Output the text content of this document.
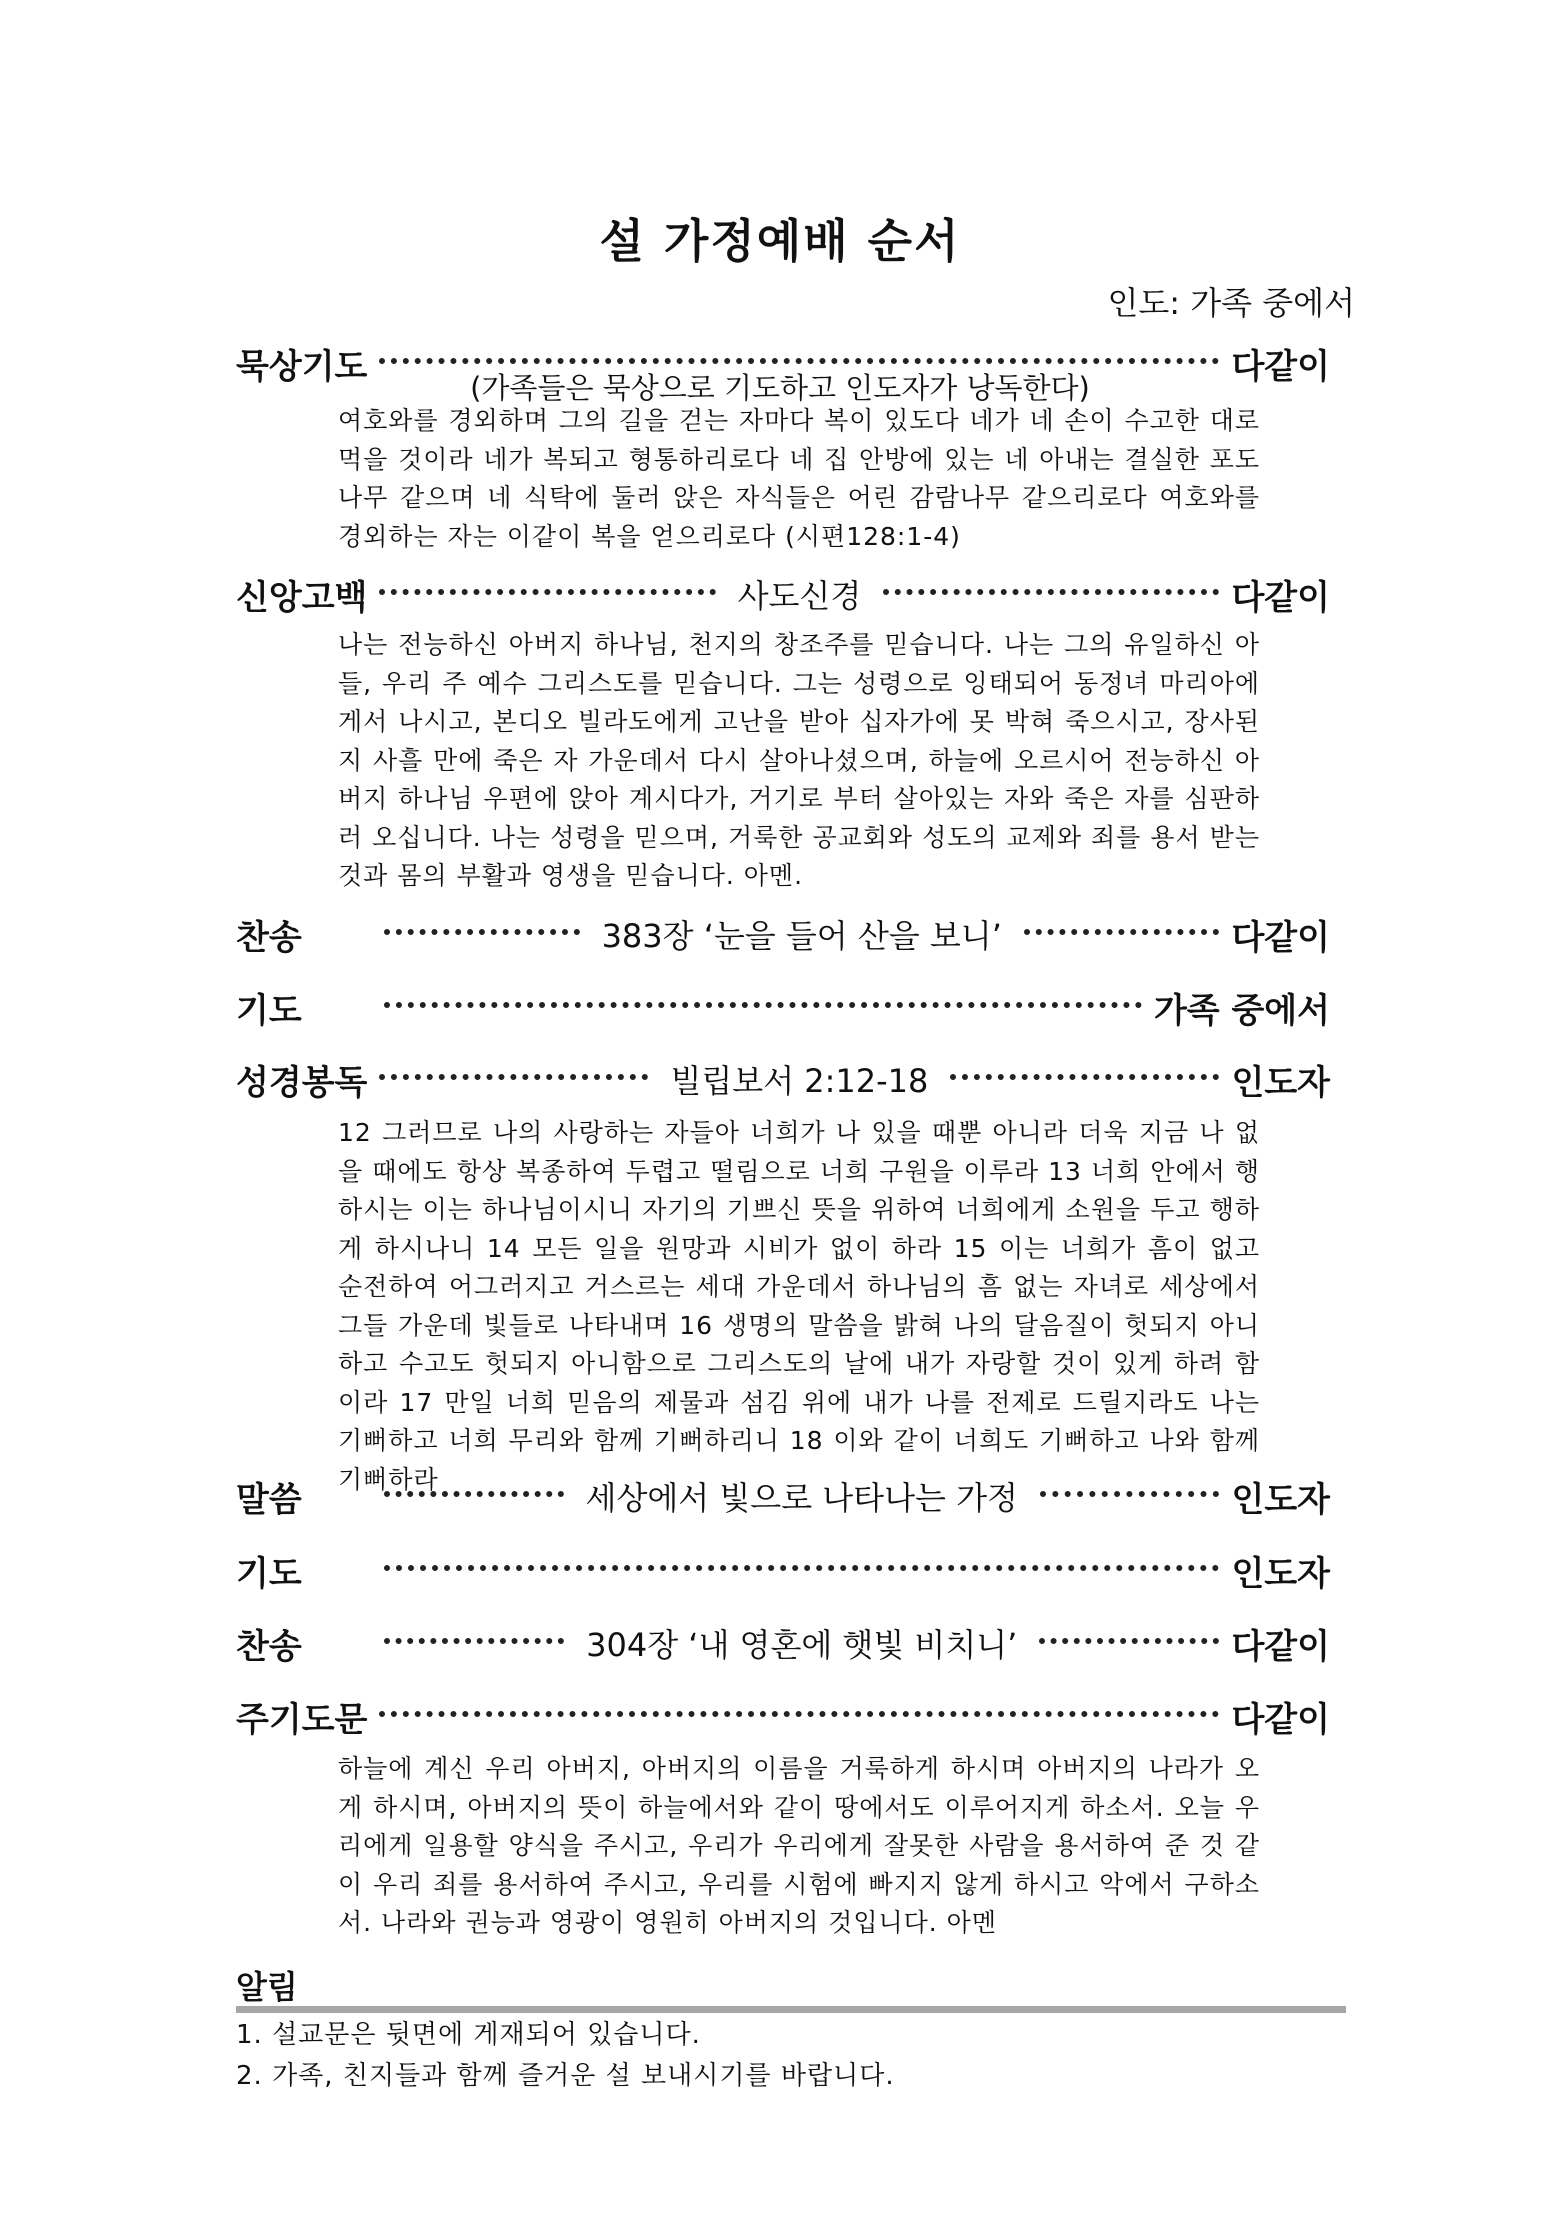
설 가정예배 순서
인도: 가족 중에서
묵상기도	다같이
(가족들은 묵상으로 기도하고 인도자가 낭독한다)
여호와를 경외하며 그의 길을 걷는 자마다 복이 있도다 네가 네 손이 수고한 대로 먹을 것이라 네가 복되고 형통하리로다 네 집 안방에 있는 네 아내는 결실한 포도나무 같으며 네 식탁에 둘러 앉은 자식들은 어린 감람나무 같으리로다 여호와를 경외하는 자는 이같이 복을 얻으리로다 (시편128:1-4)
신앙고백	사도신경	다같이
나는 전능하신 아버지 하나님, 천지의 창조주를 믿습니다. 나는 그의 유일하신 아들, 우리 주 예수 그리스도를 믿습니다. 그는 성령으로 잉태되어 동정녀 마리아에게서 나시고, 본디오 빌라도에게 고난을 받아 십자가에 못 박혀 죽으시고, 장사된 지 사흘 만에 죽은 자 가운데서 다시 살아나셨으며, 하늘에 오르시어 전능하신 아버지 하나님 우편에 앉아 계시다가, 거기로 부터 살아있는 자와 죽은 자를 심판하러 오십니다. 나는 성령을 믿으며, 거룩한 공교회와 성도의 교제와 죄를 용서 받는 것과 몸의 부활과 영생을 믿습니다. 아멘.
찬송	383장 ‘눈을 들어 산을 보니’	다같이
기도	가족 중에서
성경봉독	빌립보서 2:12-18	인도자
12 그러므로 나의 사랑하는 자들아 너희가 나 있을 때뿐 아니라 더욱 지금 나 없을 때에도 항상 복종하여 두렵고 떨림으로 너희 구원을 이루라 13 너희 안에서 행하시는 이는 하나님이시니 자기의 기쁘신 뜻을 위하여 너희에게 소원을 두고 행하게 하시나니 14 모든 일을 원망과 시비가 없이 하라 15 이는 너희가 흠이 없고 순전하여 어그러지고 거스르는 세대 가운데서 하나님의 흠 없는 자녀로 세상에서 그들 가운데 빛들로 나타내며 16 생명의 말씀을 밝혀 나의 달음질이 헛되지 아니하고 수고도 헛되지 아니함으로 그리스도의 날에 내가 자랑할 것이 있게 하려 함이라 17 만일 너희 믿음의 제물과 섬김 위에 내가 나를 전제로 드릴지라도 나는 기뻐하고 너희 무리와 함께 기뻐하리니 18 이와 같이 너희도 기뻐하고 나와 함께 기뻐하라
말씀	세상에서 빛으로 나타나는 가정	인도자
기도	인도자
찬송	304장 ‘내 영혼에 햇빛 비치니’	다같이
주기도문	다같이
하늘에 계신 우리 아버지, 아버지의 이름을 거룩하게 하시며 아버지의 나라가 오게 하시며, 아버지의 뜻이 하늘에서와 같이 땅에서도 이루어지게 하소서. 오늘 우리에게 일용할 양식을 주시고, 우리가 우리에게 잘못한 사람을 용서하여 준 것 같이 우리 죄를 용서하여 주시고, 우리를 시험에 빠지지 않게 하시고 악에서 구하소서. 나라와 권능과 영광이 영원히 아버지의 것입니다. 아멘
알림
1. 설교문은 뒷면에 게재되어 있습니다.
2. 가족, 친지들과 함께 즐거운 설 보내시기를 바랍니다.
